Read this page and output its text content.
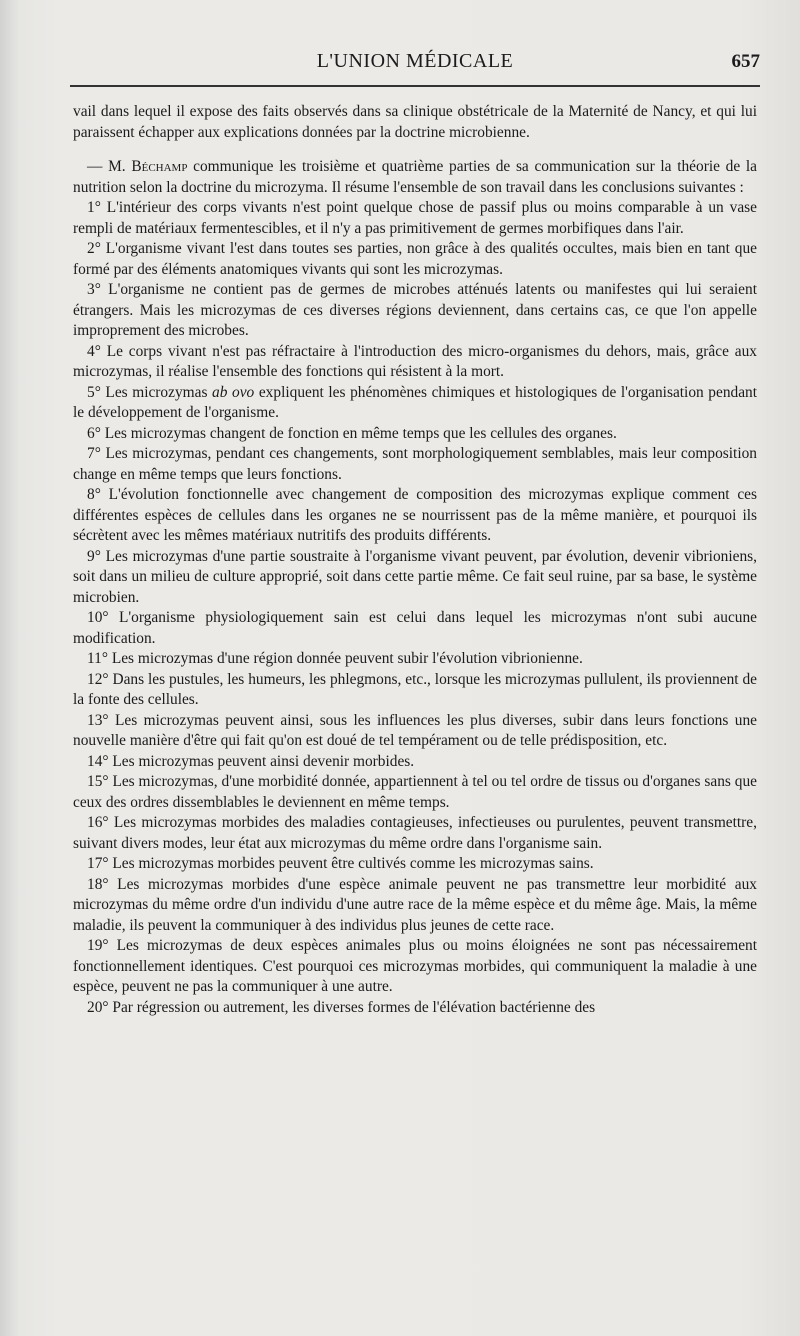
L'UNION MÉDICALE	657

vail dans lequel il expose des faits observés dans sa clinique obstétricale de la Maternité de Nancy, et qui lui paraissent échapper aux explications données par la doctrine microbienne.

— M. Béchamp communique les troisième et quatrième parties de sa communication sur la théorie de la nutrition selon la doctrine du microzyma. Il résume l'ensemble de son travail dans les conclusions suivantes :

1° L'intérieur des corps vivants n'est point quelque chose de passif plus ou moins comparable à un vase rempli de matériaux fermentescibles, et il n'y a pas primitivement de germes morbifiques dans l'air.

2° L'organisme vivant l'est dans toutes ses parties, non grâce à des qualités occultes, mais bien en tant que formé par des éléments anatomiques vivants qui sont les microzymas.

3° L'organisme ne contient pas de germes de microbes atténués latents ou manifestes qui lui seraient étrangers. Mais les microzymas de ces diverses régions deviennent, dans certains cas, ce que l'on appelle improprement des microbes.

4° Le corps vivant n'est pas réfractaire à l'introduction des micro-organismes du dehors, mais, grâce aux microzymas, il réalise l'ensemble des fonctions qui résistent à la mort.

5° Les microzymas ab ovo expliquent les phénomènes chimiques et histologiques de l'organisation pendant le développement de l'organisme.

6° Les microzymas changent de fonction en même temps que les cellules des organes.

7° Les microzymas, pendant ces changements, sont morphologiquement semblables, mais leur composition change en même temps que leurs fonctions.

8° L'évolution fonctionnelle avec changement de composition des microzymas explique comment ces différentes espèces de cellules dans les organes ne se nourrissent pas de la même manière, et pourquoi ils sécrètent avec les mêmes matériaux nutritifs des produits différents.

9° Les microzymas d'une partie soustraite à l'organisme vivant peuvent, par évolution, devenir vibrioniens, soit dans un milieu de culture approprié, soit dans cette partie même. Ce fait seul ruine, par sa base, le système microbien.

10° L'organisme physiologiquement sain est celui dans lequel les microzymas n'ont subi aucune modification.

11° Les microzymas d'une région donnée peuvent subir l'évolution vibrionienne.

12° Dans les pustules, les humeurs, les phlegmons, etc., lorsque les microzymas pullulent, ils proviennent de la fonte des cellules.

13° Les microzymas peuvent ainsi, sous les influences les plus diverses, subir dans leurs fonctions une nouvelle manière d'être qui fait qu'on est doué de tel tempérament ou de telle prédisposition, etc.

14° Les microzymas peuvent ainsi devenir morbides.

15° Les microzymas, d'une morbidité donnée, appartiennent à tel ou tel ordre de tissus ou d'organes sans que ceux des ordres dissemblables le deviennent en même temps.

16° Les microzymas morbides des maladies contagieuses, infectieuses ou purulentes, peuvent transmettre, suivant divers modes, leur état aux microzymas du même ordre dans l'organisme sain.

17° Les microzymas morbides peuvent être cultivés comme les microzymas sains.

18° Les microzymas morbides d'une espèce animale peuvent ne pas transmettre leur morbidité aux microzymas du même ordre d'un individu d'une autre race de la même espèce et du même âge. Mais, la même maladie, ils peuvent la communiquer à des individus plus jeunes de cette race.

19° Les microzymas de deux espèces animales plus ou moins éloignées ne sont pas nécessairement fonctionnellement identiques. C'est pourquoi ces microzymas morbides, qui communiquent la maladie à une espèce, peuvent ne pas la communiquer à une autre.

20° Par régression ou autrement, les diverses formes de l'élévation bactérienne des
